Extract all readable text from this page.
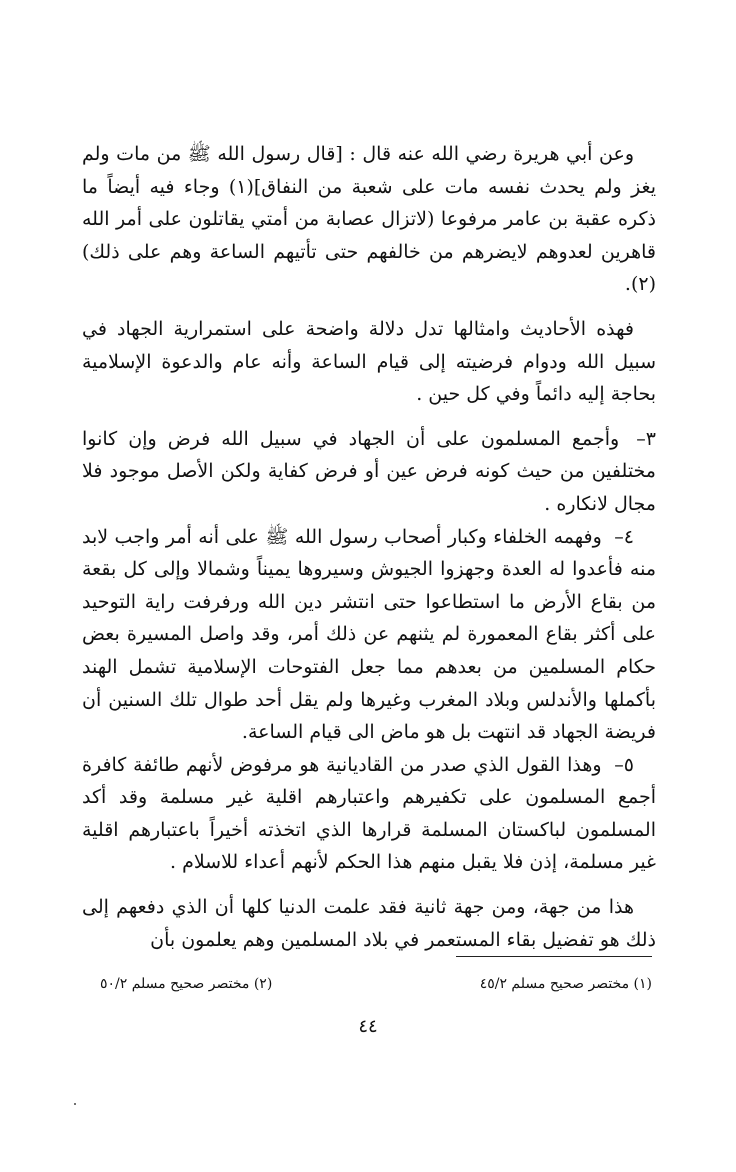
وعن أبي هريرة رضي الله عنه قال : [قال رسول الله ﷺ من مات ولم يغز ولم يحدث نفسه مات على شعبة من النفاق](١) وجاء فيه أيضاً ما ذكره عقبة بن عامر مرفوعا (لاتزال عصابة من أمتي يقاتلون على أمر الله قاهرين لعدوهم لايضرهم من خالفهم حتى تأتيهم الساعة وهم على ذلك)(٢).

فهذه الأحاديث وامثالها تدل دلالة واضحة على استمرارية الجهاد في سبيل الله ودوام فرضيته إلى قيام الساعة وأنه عام والدعوة الإسلامية بحاجة إليه دائماً وفي كل حين .

٣– وأجمع المسلمون على أن الجهاد في سبيل الله فرض وإن كانوا مختلفين من حيث كونه فرض عين أو فرض كفاية ولكن الأصل موجود فلا مجال لانكاره .

٤– وفهمه الخلفاء وكبار أصحاب رسول الله ﷺ على أنه أمر واجب لابد منه فأعدوا له العدة وجهزوا الجيوش وسيروها يميناً وشمالا وإلى كل بقعة من بقاع الأرض ما استطاعوا حتى انتشر دين الله ورفرفت راية التوحيد على أكثر بقاع المعمورة لم يثنهم عن ذلك أمر، وقد واصل المسيرة بعض حكام المسلمين من بعدهم مما جعل الفتوحات الإسلامية تشمل الهند بأكملها والأندلس وبلاد المغرب وغيرها ولم يقل أحد طوال تلك السنين أن فريضة الجهاد قد انتهت بل هو ماض الى قيام الساعة.

٥– وهذا القول الذي صدر من القاديانية هو مرفوض لأنهم طائفة كافرة أجمع المسلمون على تكفيرهم واعتبارهم اقلية غير مسلمة وقد أكد المسلمون لباكستان المسلمة قرارها الذي اتخذته أخيراً باعتبارهم اقلية غير مسلمة، إذن فلا يقبل منهم هذا الحكم لأنهم أعداء للاسلام .

هذا من جهة، ومن جهة ثانية فقد علمت الدنيا كلها أن الذي دفعهم إلى ذلك هو تفضيل بقاء المستعمر في بلاد المسلمين وهم يعلمون بأن

(١) مختصر صحيح مسلم ٤٥/٢
(٢) مختصر صحيح مسلم ٥٠/٢
٤٤
